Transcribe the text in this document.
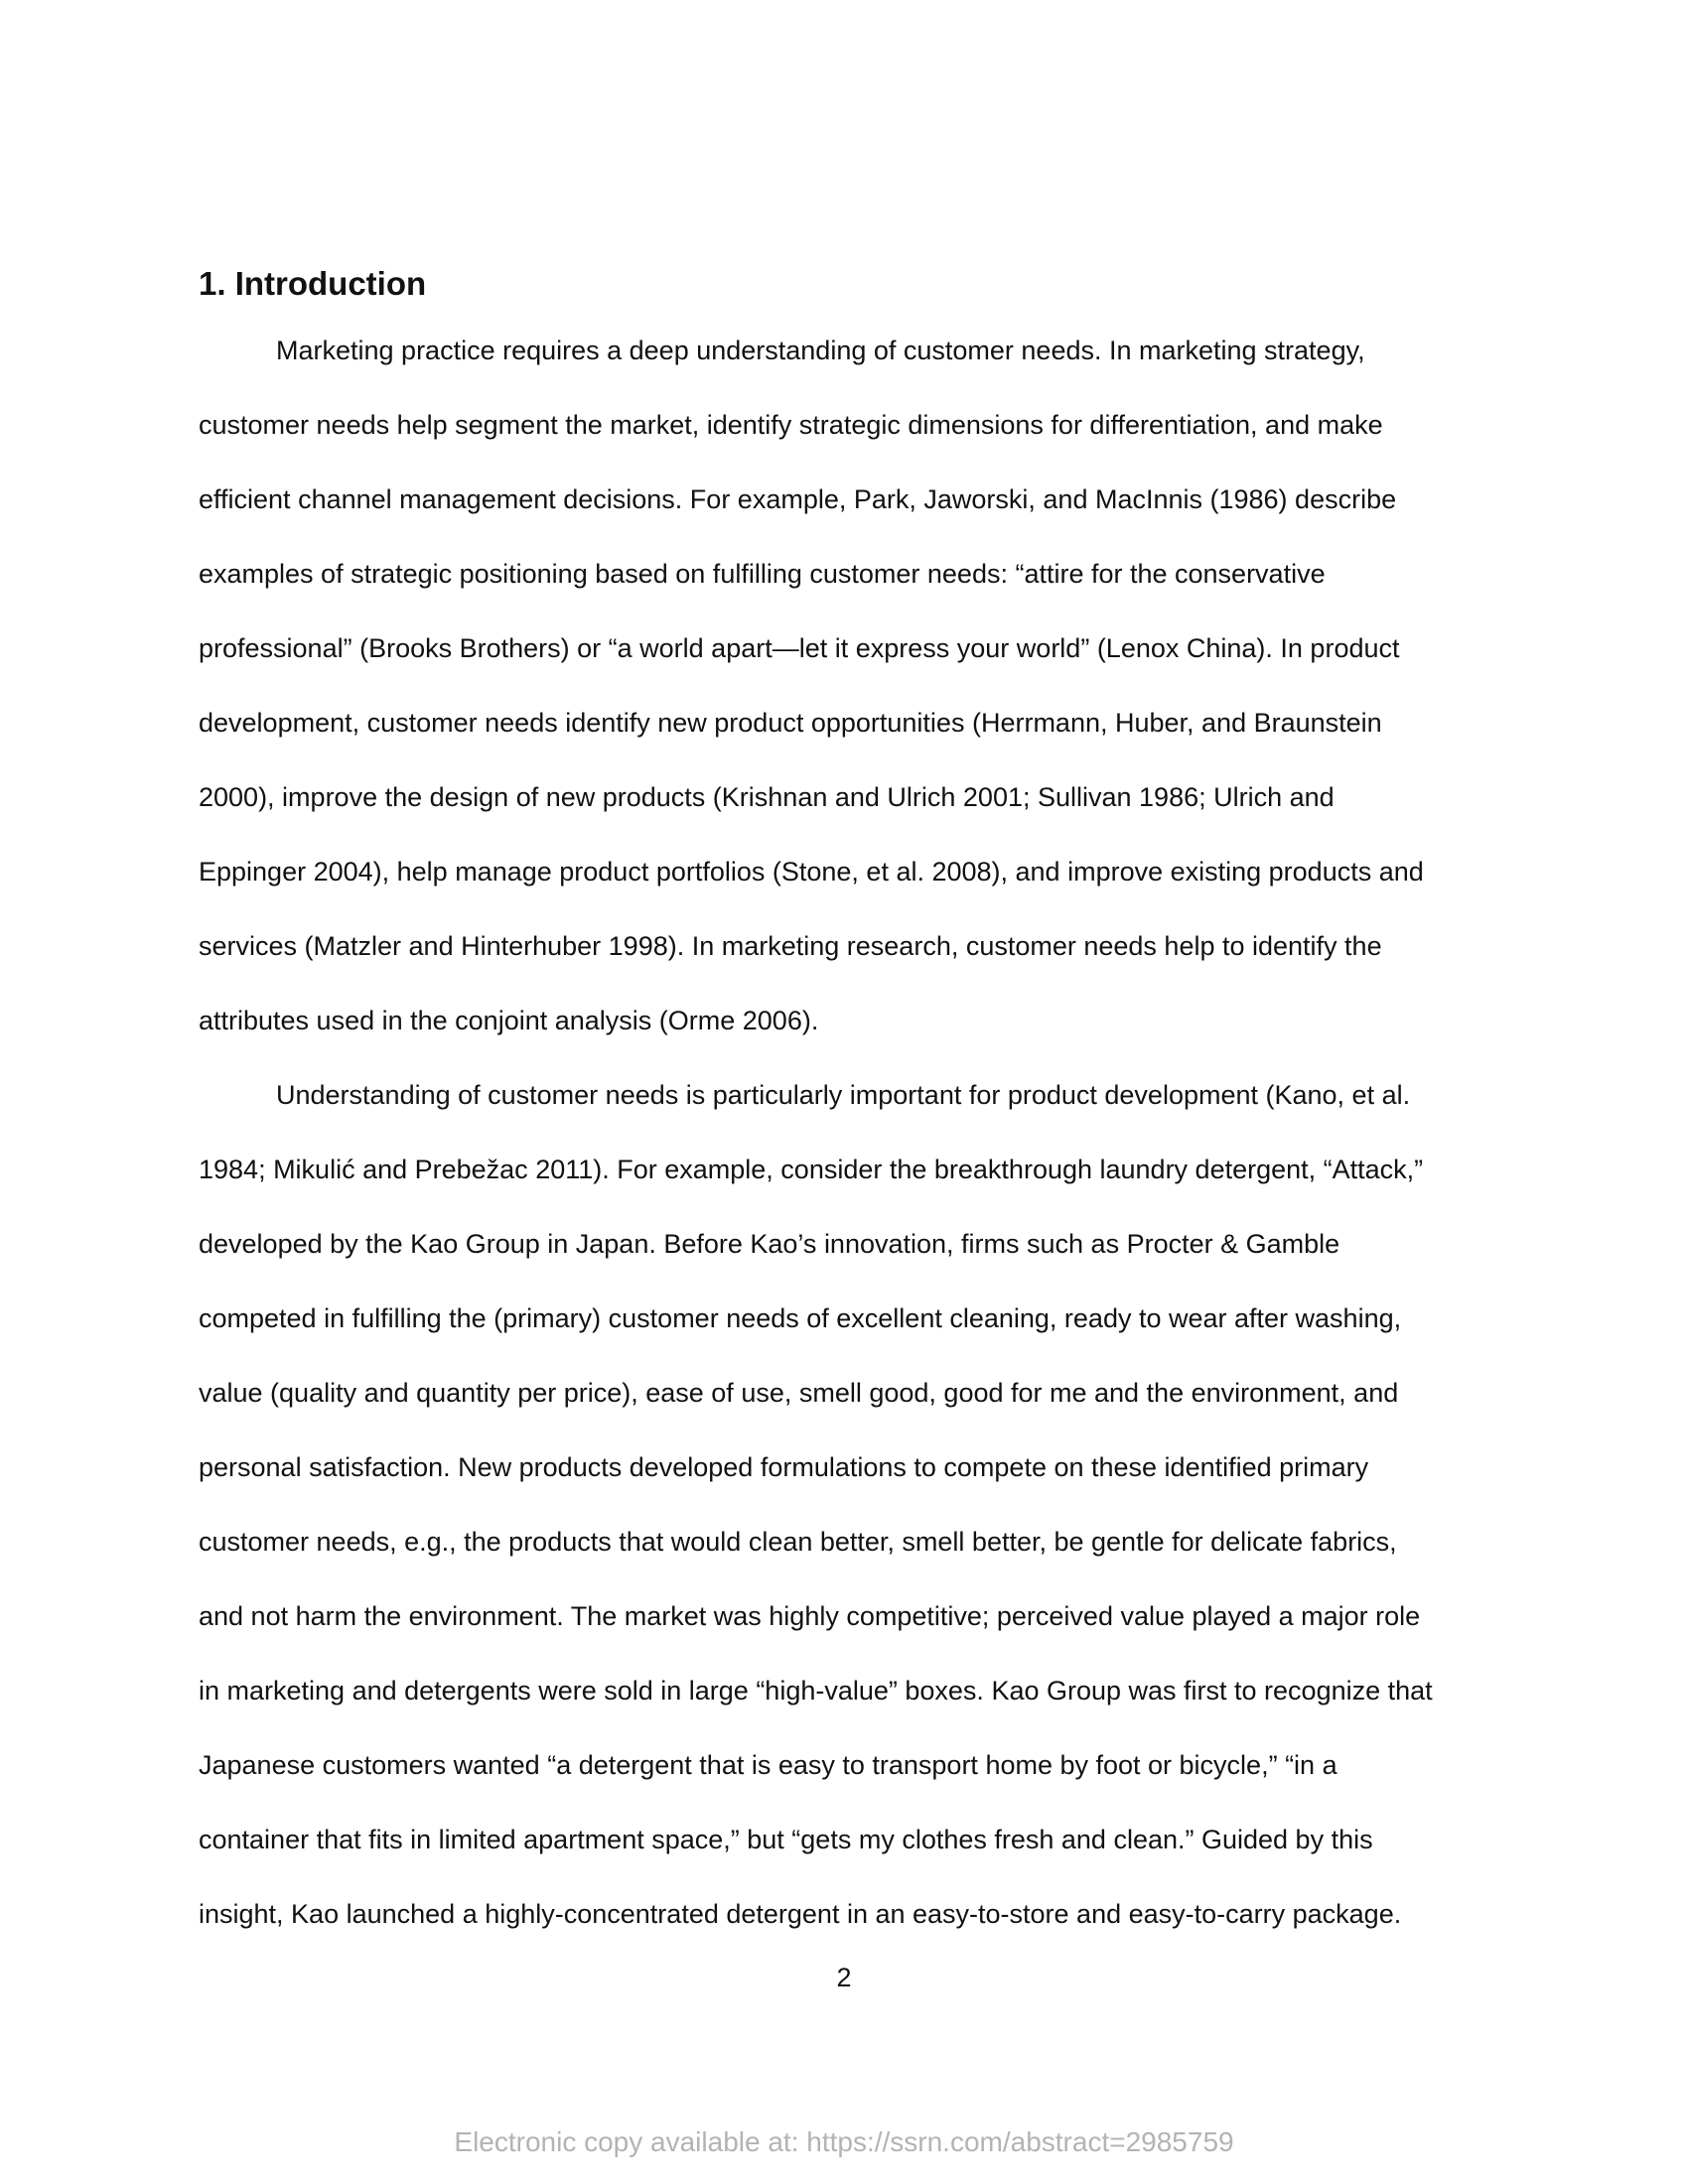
1. Introduction

Marketing practice requires a deep understanding of customer needs. In marketing strategy,

customer needs help segment the market, identify strategic dimensions for differentiation, and make

efficient channel management decisions. For example, Park, Jaworski, and MacInnis (1986) describe

examples of strategic positioning based on fulfilling customer needs: “attire for the conservative

professional” (Brooks Brothers) or “a world apart—let it express your world” (Lenox China). In product

development, customer needs identify new product opportunities (Herrmann, Huber, and Braunstein

2000), improve the design of new products (Krishnan and Ulrich 2001; Sullivan 1986; Ulrich and

Eppinger 2004), help manage product portfolios (Stone, et al. 2008), and improve existing products and

services (Matzler and Hinterhuber 1998). In marketing research, customer needs help to identify the

attributes used in the conjoint analysis (Orme 2006).

Understanding of customer needs is particularly important for product development (Kano, et al.

1984; Mikulić and Prebežac 2011). For example, consider the breakthrough laundry detergent, “Attack,”

developed by the Kao Group in Japan. Before Kao’s innovation, firms such as Procter & Gamble

competed in fulfilling the (primary) customer needs of excellent cleaning, ready to wear after washing,

value (quality and quantity per price), ease of use, smell good, good for me and the environment, and

personal satisfaction. New products developed formulations to compete on these identified primary

customer needs, e.g., the products that would clean better, smell better, be gentle for delicate fabrics,

and not harm the environment. The market was highly competitive; perceived value played a major role

in marketing and detergents were sold in large “high-value” boxes. Kao Group was first to recognize that

Japanese customers wanted “a detergent that is easy to transport home by foot or bicycle,” “in a

container that fits in limited apartment space,” but “gets my clothes fresh and clean.” Guided by this

insight, Kao launched a highly-concentrated detergent in an easy-to-store and easy-to-carry package.

2

Electronic copy available at: https://ssrn.com/abstract=2985759
